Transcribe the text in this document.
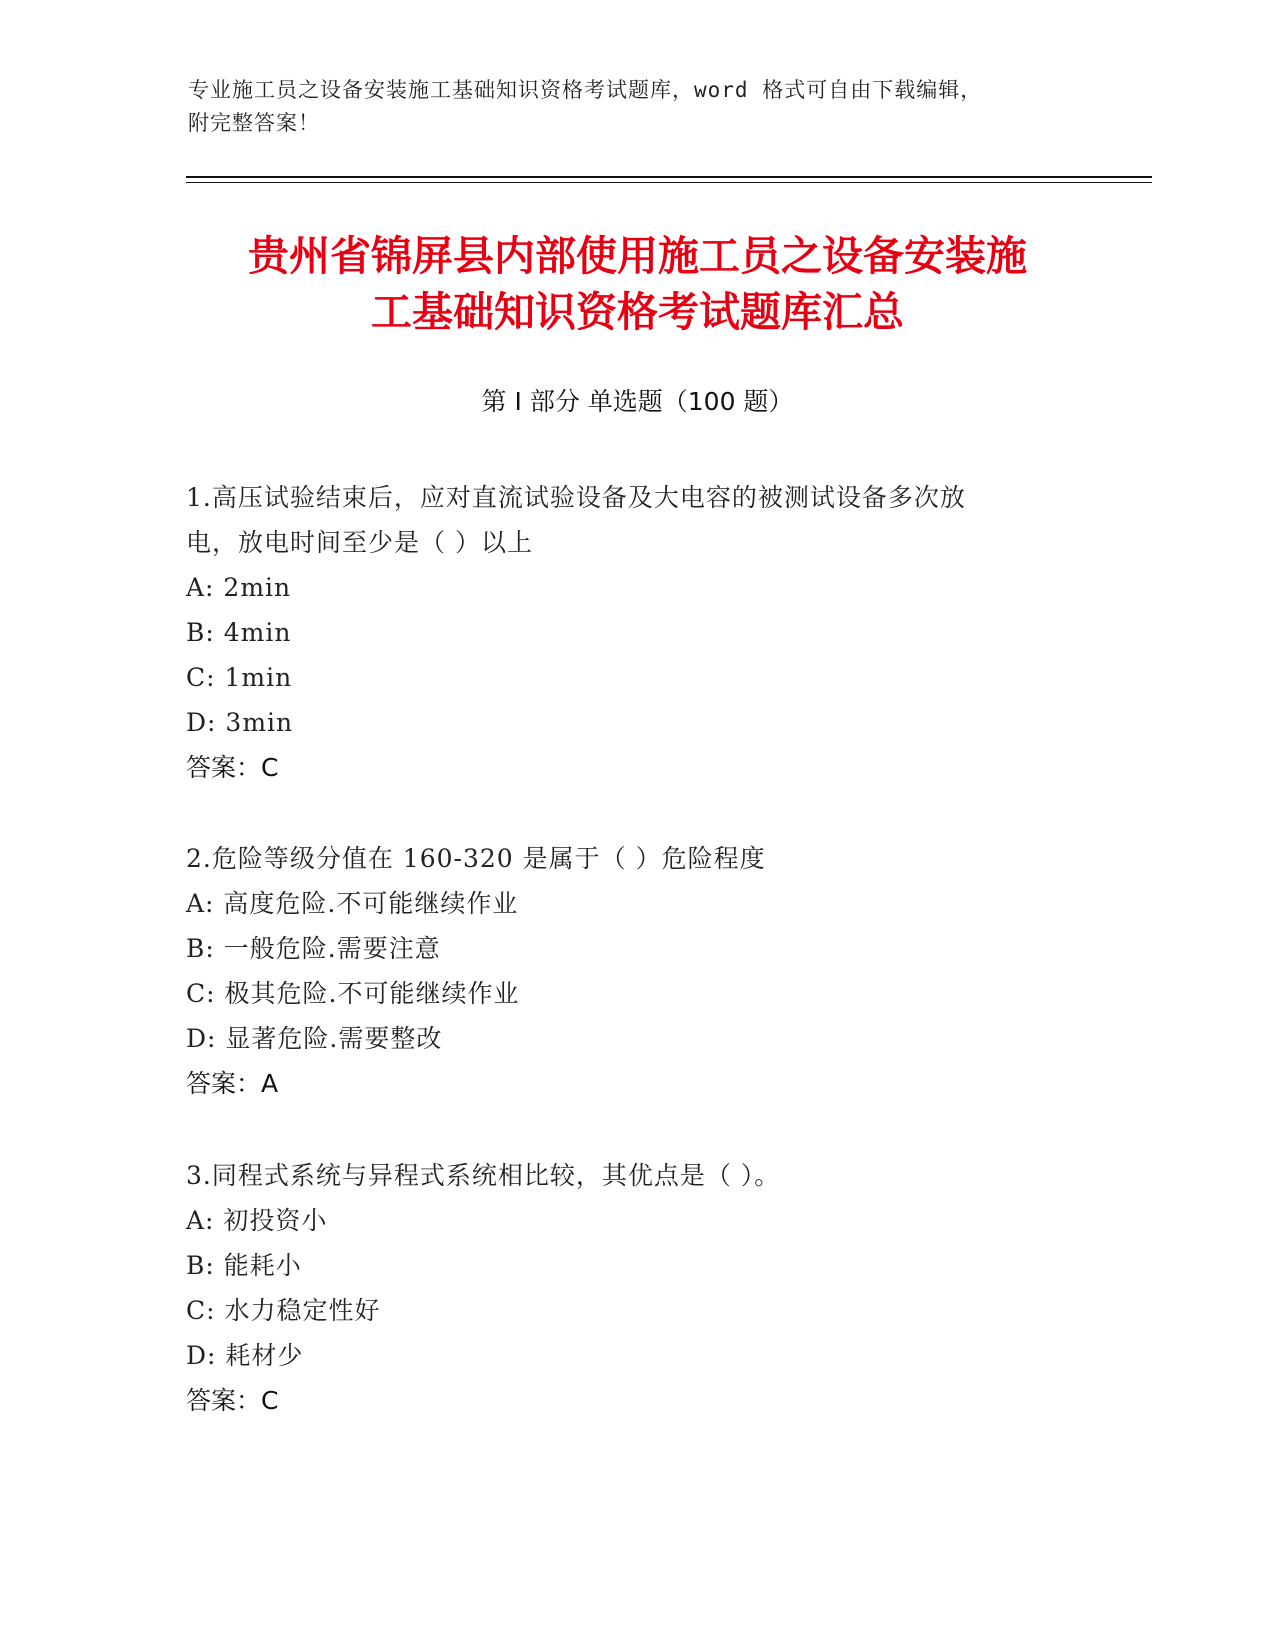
专业施工员之设备安装施工基础知识资格考试题库，word 格式可自由下载编辑，
附完整答案！
贵州省锦屏县内部使用施工员之设备安装施
工基础知识资格考试题库汇总
第 I 部分 单选题（100 题）
1.高压试验结束后，应对直流试验设备及大电容的被测试设备多次放
电，放电时间至少是（ ）以上
A: 2min
B: 4min
C: 1min
D: 3min
答案：C
2.危险等级分值在 160-320 是属于（ ）危险程度
A: 高度危险.不可能继续作业
B: 一般危险.需要注意
C: 极其危险.不可能继续作业
D: 显著危险.需要整改
答案：A
3.同程式系统与异程式系统相比较，其优点是（ ）。
A: 初投资小
B: 能耗小
C: 水力稳定性好
D: 耗材少
答案：C
